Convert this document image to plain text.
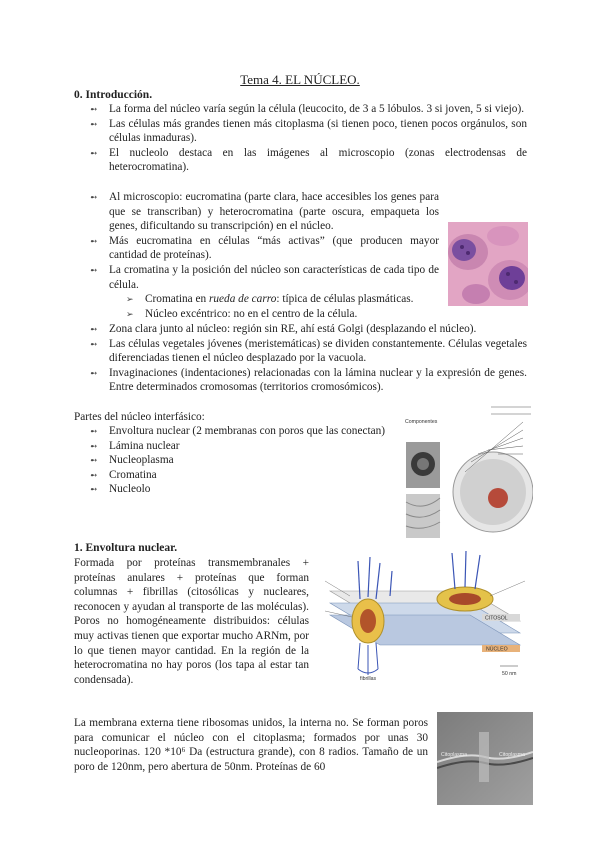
Tema 4. EL NÚCLEO.
0. Introducción.
➻ La forma del núcleo varía según la célula (leucocito, de 3 a 5 lóbulos. 3 si joven, 5 si viejo).
➻ Las células más grandes tienen más citoplasma (si tienen poco, tienen pocos orgánulos, son células inmaduras).
➻ El nucleolo destaca en las imágenes al microscopio (zonas electrodensas de heterocromatina).
➻ Al microscopio: eucromatina (parte clara, hace accesibles los genes para que se transcriban) y heterocromatina (parte oscura, empaqueta los genes, dificultando su transcripción) en el núcleo.
➻ Más eucromatina en células “más activas” (que producen mayor cantidad de proteínas).
➻ La cromatina y la posición del núcleo son características de cada tipo de célula.
➢ Cromatina en rueda de carro: típica de células plasmáticas.
➢ Núcleo excéntrico: no en el centro de la célula.
➻ Zona clara junto al núcleo: región sin RE, ahí está Golgi (desplazando el núcleo).
➻ Las células vegetales jóvenes (meristemáticas) se dividen constantemente. Células vegetales diferenciadas tienen el núcleo desplazado por la vacuola.
➻ Invaginaciones (indentaciones) relacionadas con la lámina nuclear y la expresión de genes. Entre determinados cromosomas (territorios cromosómicos).
Partes del núcleo interfásico:
➻ Envoltura nuclear (2 membranas con poros que las conectan)
➻ Lámina nuclear
➻ Nucleoplasma
➻ Cromatina
➻ Nucleolo
Componentes
1. Envoltura nuclear.
Formada por proteínas transmembranales + proteínas anulares + proteínas que forman columnas + fibrillas (citosólicas y nucleares, reconocen y ayudan al transporte de las moléculas). Poros no homogéneamente distribuidos: células muy activas tienen que exportar mucho ARNm, por lo que tienen mayor cantidad. En la región de la heterocromatina no hay poros (los tapa al estar tan condensada).
CITOSOL
NÚCLEO
50 nm
fibrillas
La membrana externa tiene ribosomas unidos, la interna no. Se forman poros para comunicar el núcleo con el citoplasma; formados por unas 30 nucleoporinas. 120 *10⁶ Da (estructura grande), con 8 radios. Tamaño de un poro de 120nm, pero abertura de 50nm. Proteínas de 60
Citoplasma	Citoplasma
